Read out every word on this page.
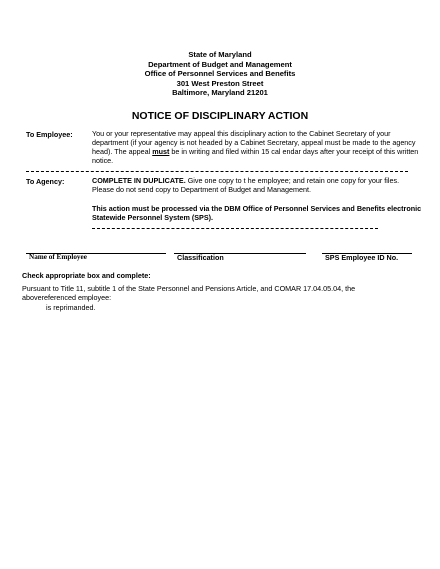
State of Maryland
Department of Budget and Management
Office of Personnel Services and Benefits
301 West Preston Street
Baltimore, Maryland 21201
NOTICE OF DISCIPLINARY ACTION
To Employee:	You or your representative may appeal this disciplinary action to the Cabinet Secretary of your department (if your agency is not headed by a Cabinet Secretary, appeal must be made to the agency head). The appeal must be in writing and filed within 15 cal endar days after your receipt of this written notice.
To Agency:	COMPLETE IN DUPLICATE. Give one copy to t he employee; and retain one copy for your files. Please do not send copy to Department of Budget and Management.
This action must be processed via the DBM Office of Personnel Services and Benefits electronic Statewide Personnel System (SPS).
Name of Employee	Classification	SPS Employee ID No.
Check appropriate box and complete:
Pursuant to Title 11, subtitle 1 of the State Personnel and Pensions Article, and COMAR 17.04.05.04, the abovereferenced employee:
is reprimanded.
